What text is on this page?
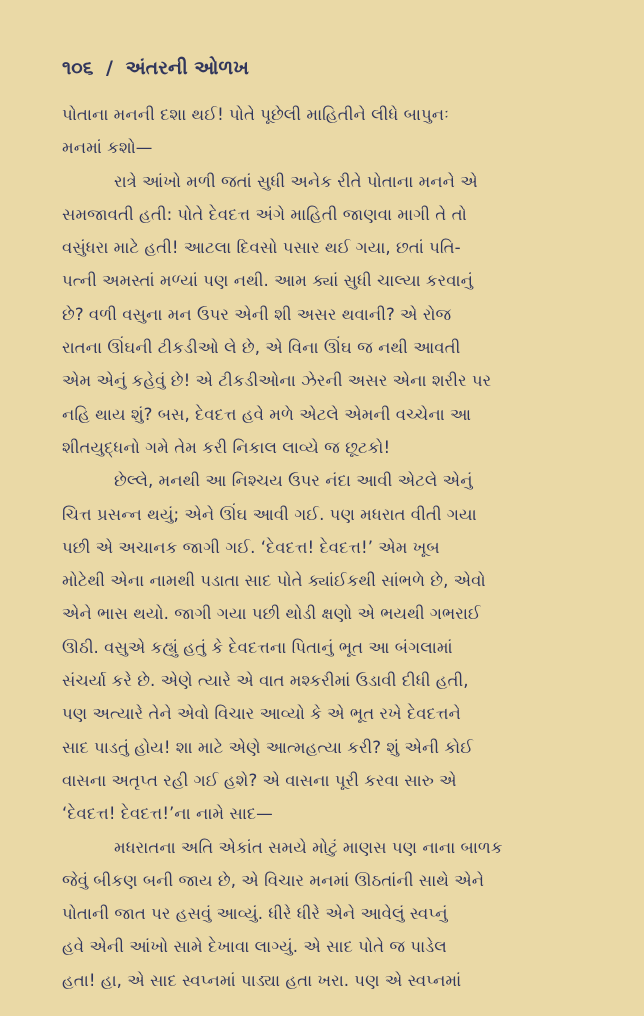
૧૦૬ / અંતરની ઓળખ
પોતાના મનની દશા થઈ! પોતે પૂછેલી માહિતીને લીધે બાપુનઃ
મનમાં કશો—
રાત્રે આંખો મળી જતાં સુધી અનેક રીતે પોતાના મનને એ
સમજાવતી હતી: પોતે દેવદત્ત અંગે માહિતી જાણવા માગી તે તો
વસુંધરા માટે હતી! આટલા દિવસો પસાર થઈ ગયા, છતાં પતિ-
પત્ની અમસ્તાં મળ્યાં પણ નથી. આમ ક્યાં સુધી ચાલ્યા કરવાનું
છે? વળી વસુના મન ઉપર એની શી અસર થવાની? એ રોજ
રાતના ઊંઘની ટીકડીઓ લે છે, એ વિના ઊંઘ જ નથી આવતી
એમ એનું કહેવું છે! એ ટીકડીઓના ઝેરની અસર એના શરીર પર
નહિ થાય શું? બસ, દેવદત્ત હવે મળે એટલે એમની વચ્ચેના આ
શીતયુદ્ધનો ગમે તેમ કરી નિકાલ લાવ્યે જ છૂટકો!
છેલ્લે, મનથી આ નિશ્ચય ઉપર નંદા આવી એટલે એનું
ચિત્ત પ્રસન્ન થયું; એને ઊંઘ આવી ગઈ. પણ મધરાત વીતી ગયા
પછી એ અચાનક જાગી ગઈ. ‘દેવદત્ત! દેવદત્ત!’ એમ ખૂબ
મોટેથી એના નામથી પડાતા સાદ પોતે ક્યાંઈકથી સાંભળે છે, એવો
એને ભાસ થયો. જાગી ગયા પછી થોડી ક્ષણો એ ભયથી ગભરાઈ
ઊઠી. વસુએ કહ્યું હતું કે દેવદત્તના પિતાનું ભૂત આ બંગલામાં
સંચર્યા કરે છે. એણે ત્યારે એ વાત મશ્કરીમાં ઉડાવી દીધી હતી,
પણ અત્યારે તેને એવો વિચાર આવ્યો કે એ ભૂત રખે દેવદત્તને
સાદ પાડતું હોય! શા માટે એણે આત્મહત્યા કરી? શું એની કોઈ
વાસના અતૃપ્ત રહી ગઈ હશે? એ વાસના પૂરી કરવા સારુ એ
‘દેવદત્ત! દેવદત્ત!’ના નામે સાદ—
મધરાતના અતિ એકાંત સમયે મોટું માણસ પણ નાના બાળક
જેવું બીકણ બની જાય છે, એ વિચાર મનમાં ઊઠતાંની સાથે એને
પોતાની જાત પર હસવું આવ્યું. ધીરે ધીરે એને આવેલું સ્વપ્નું
હવે એની આંખો સામે દેખાવા લાગ્યું. એ સાદ પોતે જ પાડેલ
હતા! હા, એ સાદ સ્વપ્નમાં પાડ્યા હતા ખરા. પણ એ સ્વપ્નમાં
